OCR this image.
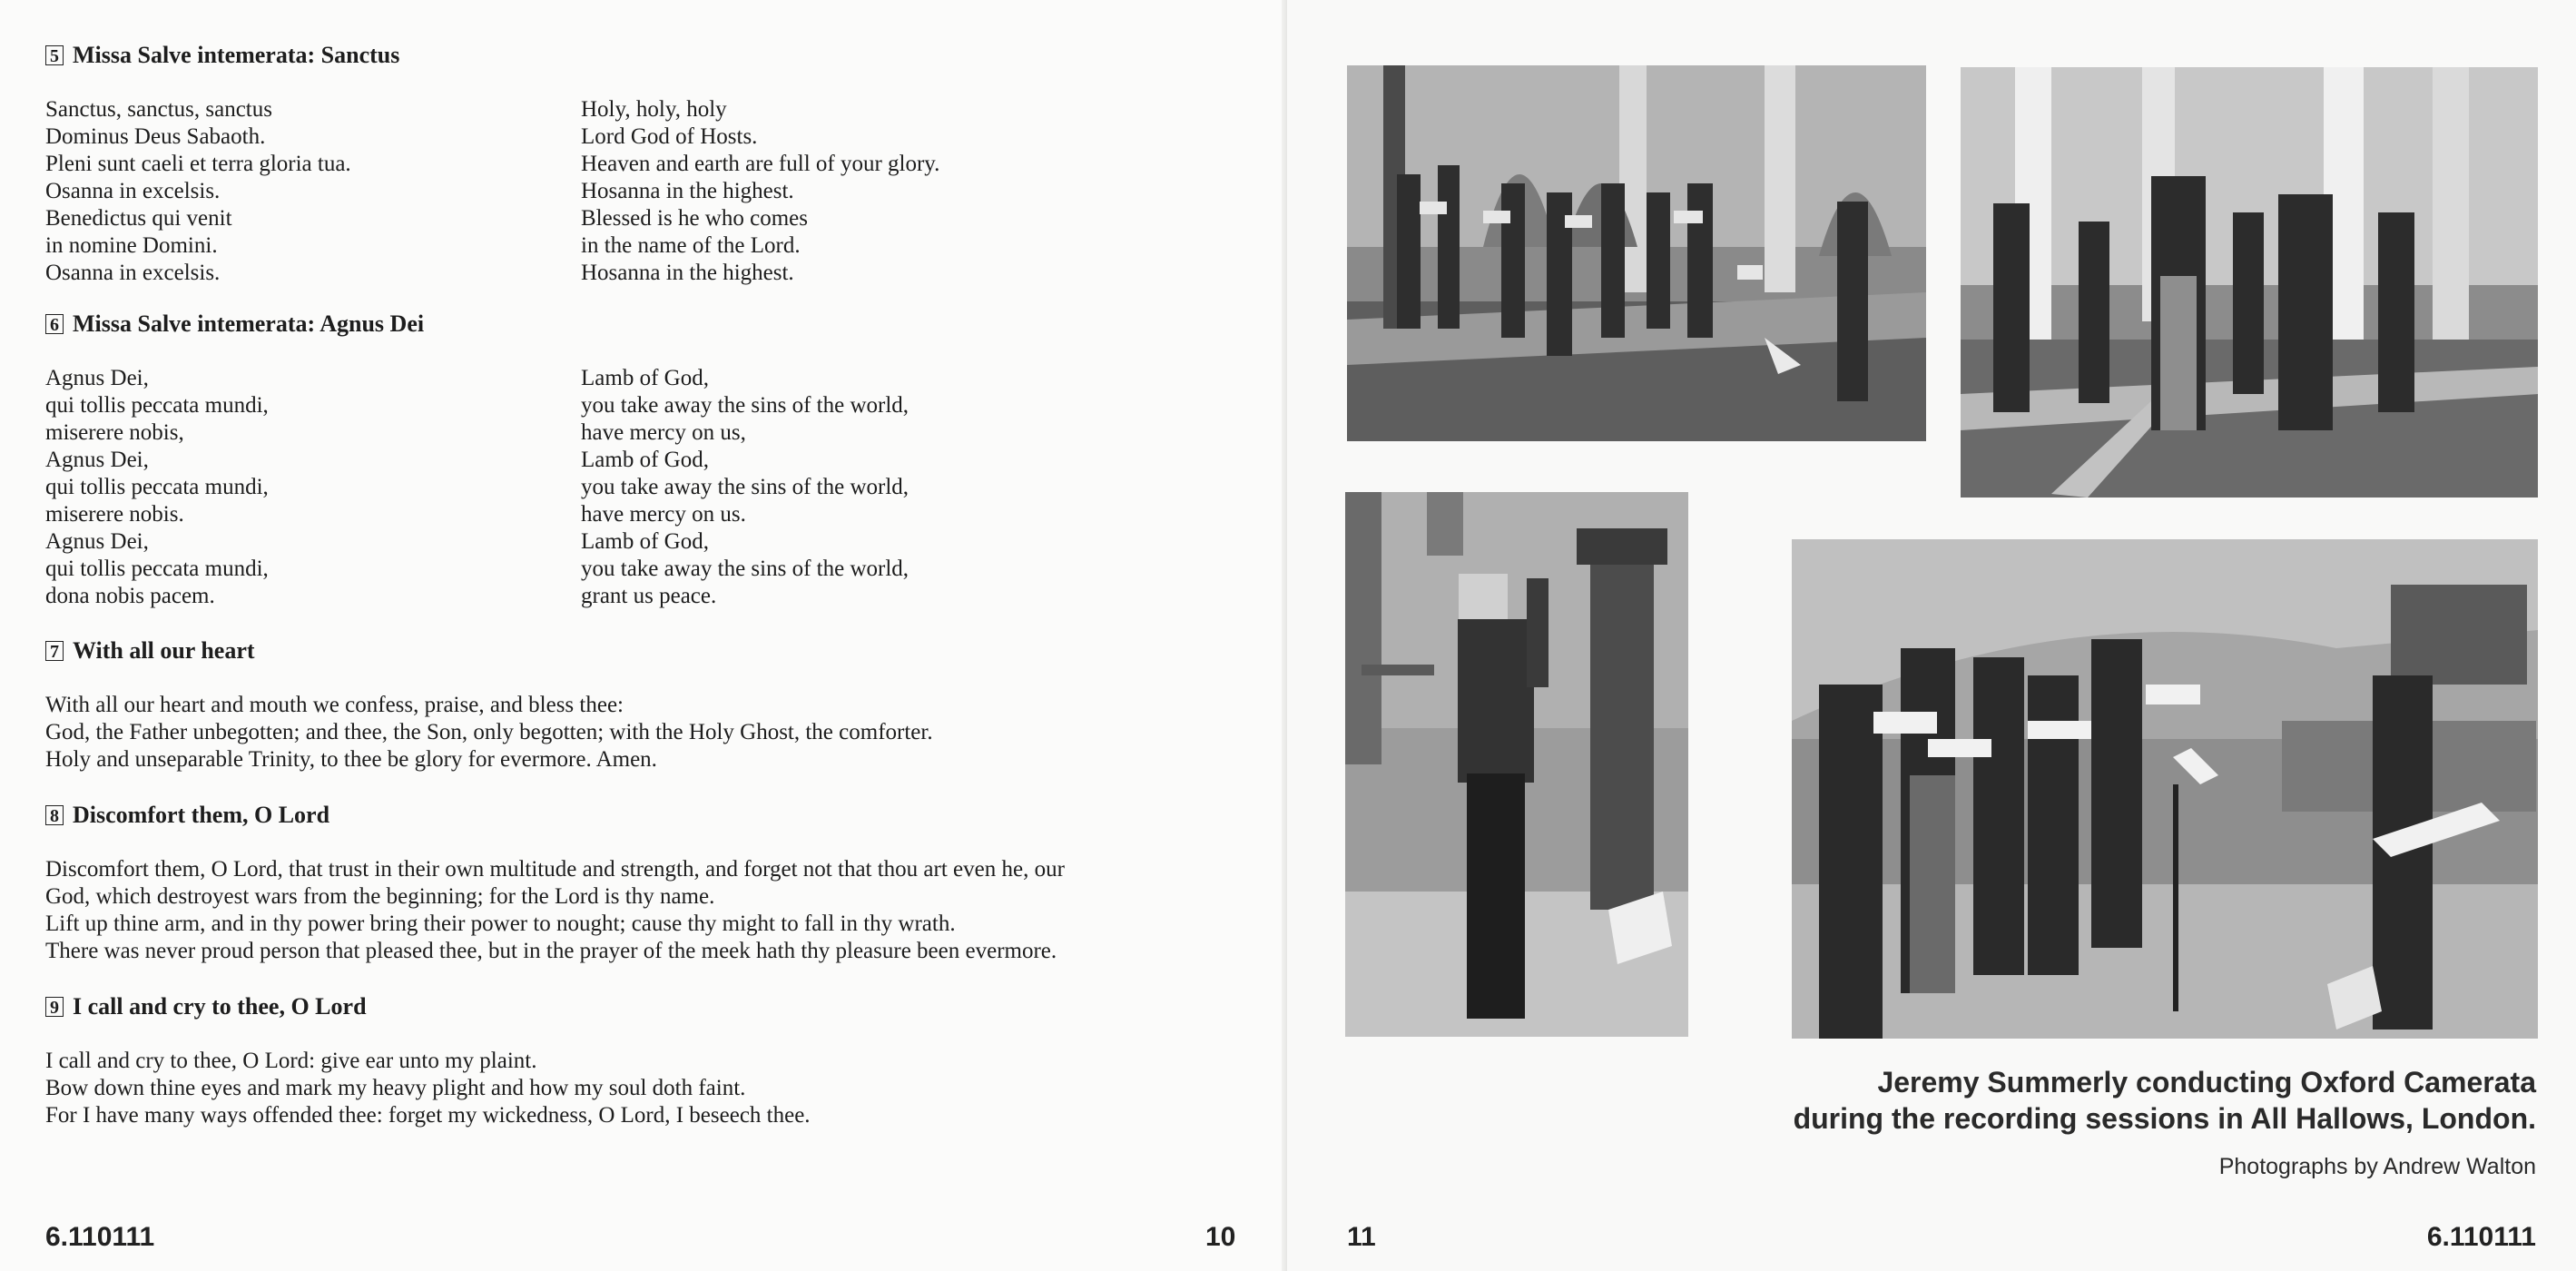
5 Missa Salve intemerata: Sanctus
Sanctus, sanctus, sanctus
Dominus Deus Sabaoth.
Pleni sunt caeli et terra gloria tua.
Osanna in excelsis.
Benedictus qui venit
in nomine Domini.
Osanna in excelsis.
Holy, holy, holy
Lord God of Hosts.
Heaven and earth are full of your glory.
Hosanna in the highest.
Blessed is he who comes
in the name of the Lord.
Hosanna in the highest.
6 Missa Salve intemerata: Agnus Dei
Agnus Dei,
qui tollis peccata mundi,
miserere nobis,
Agnus Dei,
qui tollis peccata mundi,
miserere nobis.
Agnus Dei,
qui tollis peccata mundi,
dona nobis pacem.
Lamb of God,
you take away the sins of the world,
have mercy on us,
Lamb of God,
you take away the sins of the world,
have mercy on us.
Lamb of God,
you take away the sins of the world,
grant us peace.
7 With all our heart
With all our heart and mouth we confess, praise, and bless thee:
God, the Father unbegotten; and thee, the Son, only begotten; with the Holy Ghost, the comforter.
Holy and unseparable Trinity, to thee be glory for evermore. Amen.
8 Discomfort them, O Lord
Discomfort them, O Lord, that trust in their own multitude and strength, and forget not that thou art even he, our
God, which destroyest wars from the beginning; for the Lord is thy name.
Lift up thine arm, and in thy power bring their power to nought; cause thy might to fall in thy wrath.
There was never proud person that pleased thee, but in the prayer of the meek hath thy pleasure been evermore.
9 I call and cry to thee, O Lord
I call and cry to thee, O Lord: give ear unto my plaint.
Bow down thine eyes and mark my heavy plight and how my soul doth faint.
For I have many ways offended thee: forget my wickedness, O Lord, I beseech thee.
6.110111	10
Jeremy Summerly conducting Oxford Camerata
during the recording sessions in All Hallows, London.
Photographs by Andrew Walton
11	6.110111
